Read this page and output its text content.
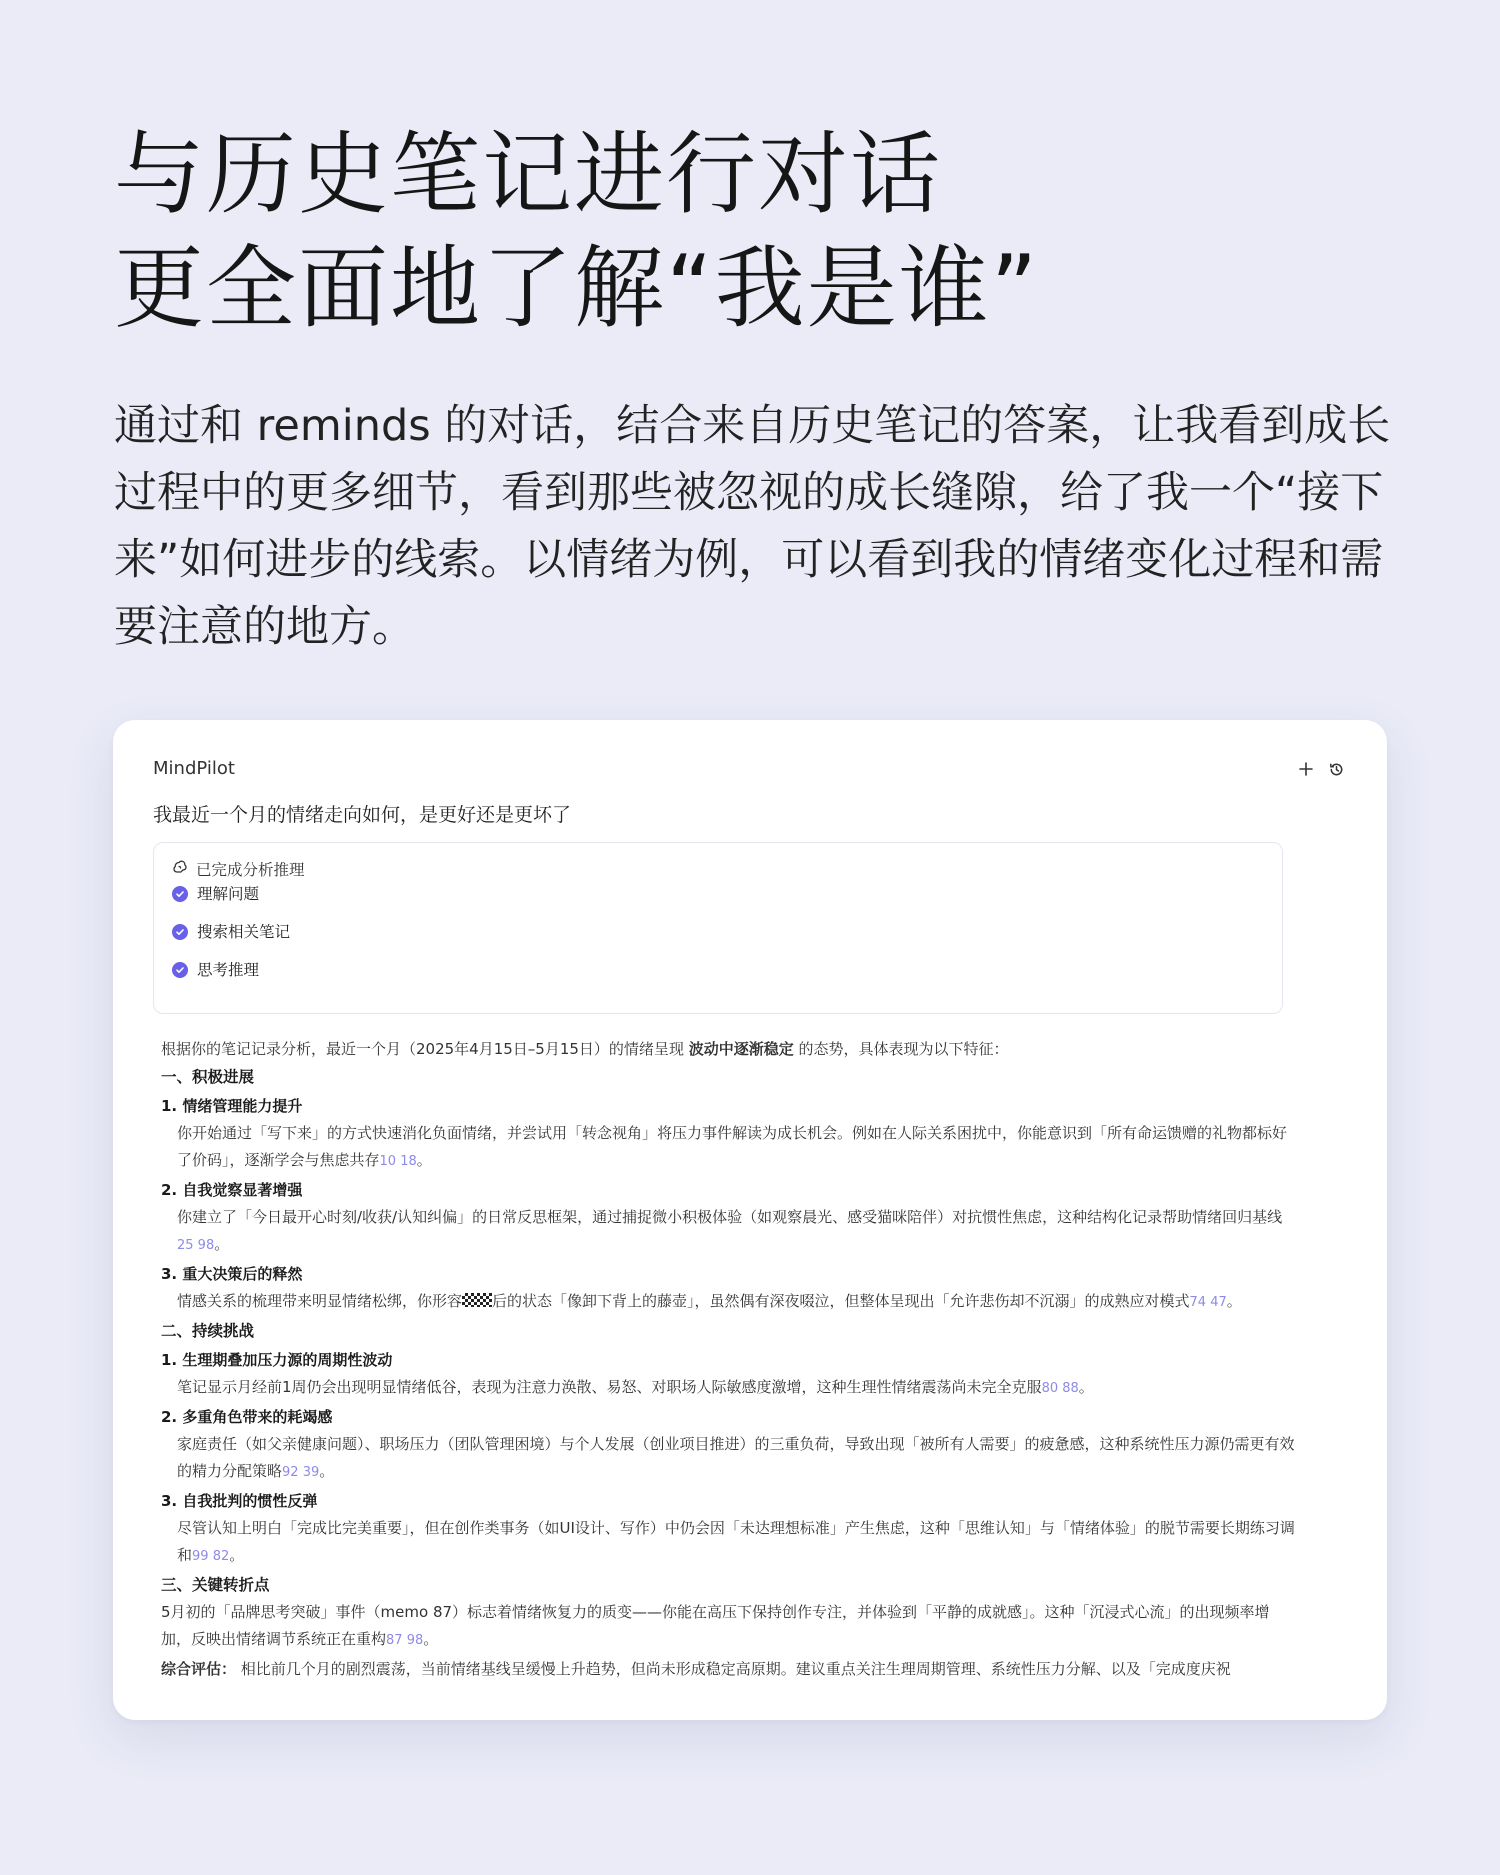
与历史笔记进行对话
更全面地了解“我是谁”
通过和 reminds 的对话，结合来自历史笔记的答案，让我看到成长过程中的更多细节，看到那些被忽视的成长缝隙，给了我一个“接下来”如何进步的线索。以情绪为例，可以看到我的情绪变化过程和需要注意的地方。
MindPilot
我最近一个月的情绪走向如何，是更好还是更坏了
已完成分析推理
理解问题
搜索相关笔记
思考推理

根据你的笔记记录分析，最近一个月（2025年4月15日–5月15日）的情绪呈现 波动中逐渐稳定 的态势，具体表现为以下特征：

一、积极进展
1. 情绪管理能力提升
你开始通过「写下来」的方式快速消化负面情绪，并尝试用「转念视角」将压力事件解读为成长机会。例如在人际关系困扰中，你能意识到「所有命运馈赠的礼物都标好了价码」，逐渐学会与焦虑共存10 18。
2. 自我觉察显著增强
你建立了「今日最开心时刻/收获/认知纠偏」的日常反思框架，通过捕捉微小积极体验（如观察晨光、感受猫咪陪伴）对抗惯性焦虑，这种结构化记录帮助情绪回归基线25 98。
3. 重大决策后的释然
情感关系的梳理带来明显情绪松绑，你形容 后的状态「像卸下背上的藤壶」，虽然偶有深夜啜泣，但整体呈现出「允许悲伤却不沉溺」的成熟应对模式74 47。
二、持续挑战
1. 生理期叠加压力源的周期性波动
笔记显示月经前1周仍会出现明显情绪低谷，表现为注意力涣散、易怒、对职场人际敏感度激增，这种生理性情绪震荡尚未完全克服80 88。
2. 多重角色带来的耗竭感
家庭责任（如父亲健康问题）、职场压力（团队管理困境）与个人发展（创业项目推进）的三重负荷，导致出现「被所有人需要」的疲惫感，这种系统性压力源仍需更有效的精力分配策略92 39。
3. 自我批判的惯性反弹
尽管认知上明白「完成比完美重要」，但在创作类事务（如UI设计、写作）中仍会因「未达理想标准」产生焦虑，这种「思维认知」与「情绪体验」的脱节需要长期练习调和99 82。
三、关键转折点

5月初的「品牌思考突破」事件（memo 87）标志着情绪恢复力的质变——你能在高压下保持创作专注，并体验到「平静的成就感」。这种「沉浸式心流」的出现频率增加，反映出情绪调节系统正在重构87 98。

综合评估： 相比前几个月的剧烈震荡，当前情绪基线呈缓慢上升趋势，但尚未形成稳定高原期。建议重点关注生理周期管理、系统性压力分解、以及「完成度庆祝
